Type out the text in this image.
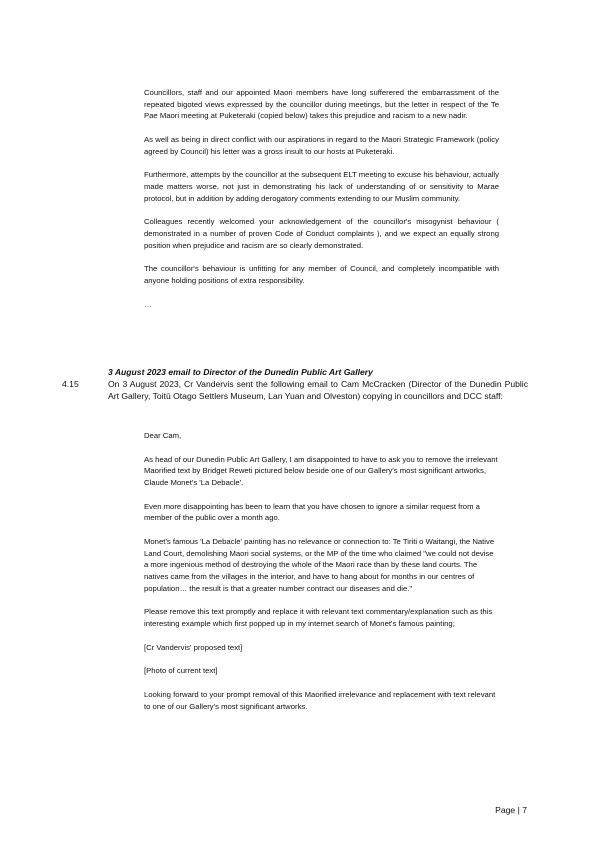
Councillors, staff and our appointed Maori members have long sufferered the embarrassment of the repeated bigoted views expressed by the councillor during meetings, but the letter in respect of the Te Pae Maori meeting at Puketeraki (copied below) takes this prejudice and racism to a new nadir.

As well as being in direct conflict with our aspirations in regard to the Maori Strategic Framework (policy agreed by Council) his letter was a gross insult to our hosts at Puketeraki.

Furthermore, attempts by the councillor at the subsequent ELT meeting to excuse his behaviour, actually made matters worse, not just in demonstrating his lack of understanding of or sensitivity to Marae protocol, but in addition by adding derogatory comments extending to our Muslim community.

Colleagues recently welcomed your acknowledgement of the councillor's misogynist behaviour ( demonstrated in a number of proven Code of Conduct complaints ), and we expect an equally strong position when prejudice and racism are so clearly demonstrated.

The councillor's behaviour is unfitting for any member of Council, and completely incompatible with anyone holding positions of extra responsibility.

…

3 August 2023 email to Director of the Dunedin Public Art Gallery
4.15	On 3 August 2023, Cr Vandervis sent the following email to Cam McCracken (Director of the Dunedin Public Art Gallery, Toitū Otago Settlers Museum, Lan Yuan and Olveston) copying in councillors and DCC staff:

Dear Cam,

As head of our Dunedin Public Art Gallery, I am disappointed to have to ask you to remove the irrelevant Maorified text by Bridget Reweti pictured below beside one of our Gallery's most significant artworks, Claude Monet's 'La Debacle'.

Even more disappointing has been to learn that you have chosen to ignore a similar request from a member of the public over a month ago.

Monet's famous 'La Debacle' painting has no relevance or connection to: Te Tiriti o Waitangi, the Native Land Court, demolishing Maori social systems, or the MP of the time who claimed "we could not devise a more ingenious method of destroying the whole of the Maori race than by these land courts. The natives came from the villages in the interior, and have to hang about for months in our centres of population… the result is that a greater number contract our diseases and die."

Please remove this text promptly and replace it with relevant text commentary/explanation such as this interesting example which first popped up in my internet search of Monet's famous painting;

[Cr Vandervis' proposed text]

[Photo of current text]

Looking forward to your prompt removal of this Maorified irrelevance and replacement with text relevant to one of our Gallery's most significant artworks.

Page | 7
